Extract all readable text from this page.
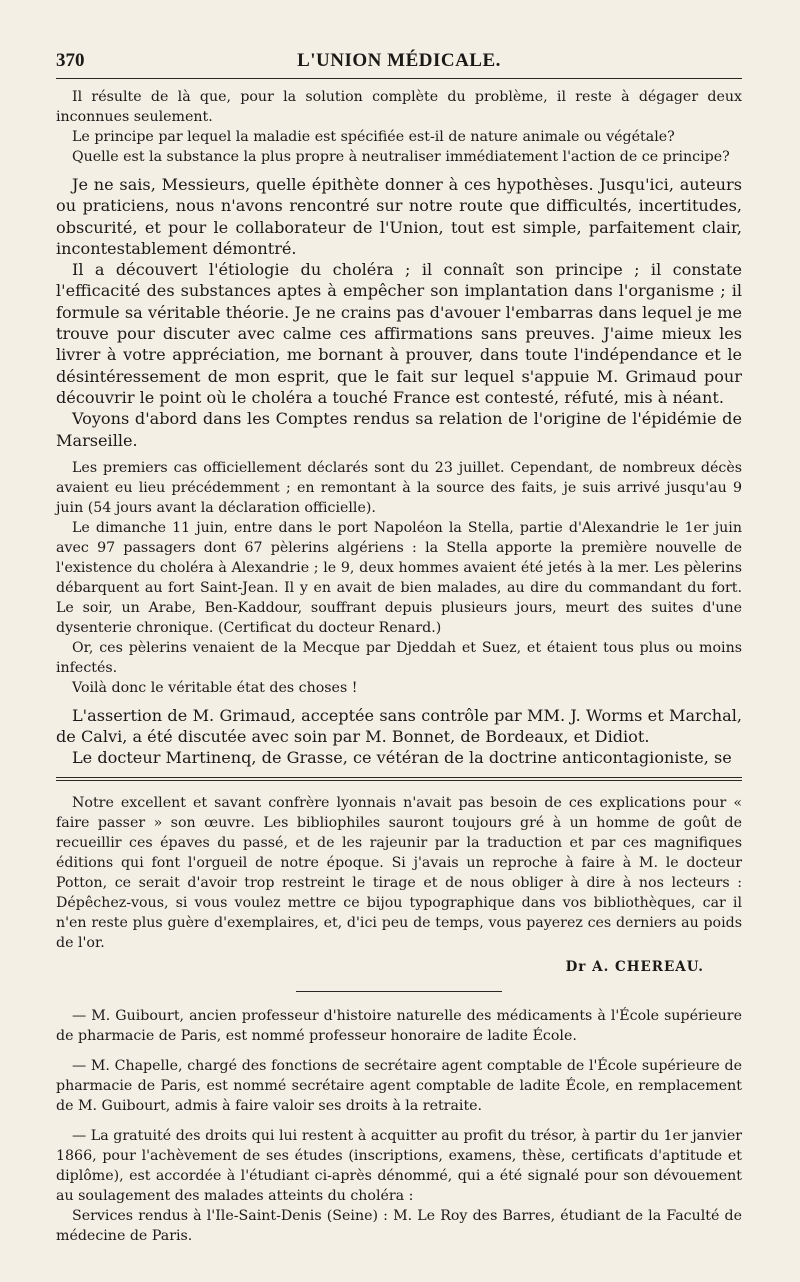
370	L'UNION MÉDICALE.

Il résulte de là que, pour la solution complète du problème, il reste à dégager deux inconnues seulement.

Le principe par lequel la maladie est spécifiée est-il de nature animale ou végétale?

Quelle est la substance la plus propre à neutraliser immédiatement l'action de ce principe?

Je ne sais, Messieurs, quelle épithète donner à ces hypothèses. Jusqu'ici, auteurs ou praticiens, nous n'avons rencontré sur notre route que difficultés, incertitudes, obscurité, et pour le collaborateur de l'Union, tout est simple, parfaitement clair, incontestablement démontré.

Il a découvert l'étiologie du choléra ; il connaît son principe ; il constate l'efficacité des substances aptes à empêcher son implantation dans l'organisme ; il formule sa véritable théorie. Je ne crains pas d'avouer l'embarras dans lequel je me trouve pour discuter avec calme ces affirmations sans preuves. J'aime mieux les livrer à votre appréciation, me bornant à prouver, dans toute l'indépendance et le désintéressement de mon esprit, que le fait sur lequel s'appuie M. Grimaud pour découvrir le point où le choléra a touché France est contesté, réfuté, mis à néant.

Voyons d'abord dans les Comptes rendus sa relation de l'origine de l'épidémie de Marseille.

Les premiers cas officiellement déclarés sont du 23 juillet. Cependant, de nombreux décès avaient eu lieu précédemment ; en remontant à la source des faits, je suis arrivé jusqu'au 9 juin (54 jours avant la déclaration officielle).

Le dimanche 11 juin, entre dans le port Napoléon la Stella, partie d'Alexandrie le 1er juin avec 97 passagers dont 67 pèlerins algériens : la Stella apporte la première nouvelle de l'existence du choléra à Alexandrie ; le 9, deux hommes avaient été jetés à la mer. Les pèlerins débarquent au fort Saint-Jean. Il y en avait de bien malades, au dire du commandant du fort. Le soir, un Arabe, Ben-Kaddour, souffrant depuis plusieurs jours, meurt des suites d'une dysenterie chronique. (Certificat du docteur Renard.)

Or, ces pèlerins venaient de la Mecque par Djeddah et Suez, et étaient tous plus ou moins infectés.

Voilà donc le véritable état des choses !

L'assertion de M. Grimaud, acceptée sans contrôle par MM. J. Worms et Marchal, de Calvi, a été discutée avec soin par M. Bonnet, de Bordeaux, et Didiot.

Le docteur Martinenq, de Grasse, ce vétéran de la doctrine anticontagioniste, se

Notre excellent et savant confrère lyonnais n'avait pas besoin de ces explications pour « faire passer » son œuvre. Les bibliophiles sauront toujours gré à un homme de goût de recueillir ces épaves du passé, et de les rajeunir par la traduction et par ces magnifiques éditions qui font l'orgueil de notre époque. Si j'avais un reproche à faire à M. le docteur Potton, ce serait d'avoir trop restreint le tirage et de nous obliger à dire à nos lecteurs : Dépêchez-vous, si vous voulez mettre ce bijou typographique dans vos bibliothèques, car il n'en reste plus guère d'exemplaires, et, d'ici peu de temps, vous payerez ces derniers au poids de l'or.

Dr A. CHEREAU.

— M. Guibourt, ancien professeur d'histoire naturelle des médicaments à l'École supérieure de pharmacie de Paris, est nommé professeur honoraire de ladite École.

— M. Chapelle, chargé des fonctions de secrétaire agent comptable de l'École supérieure de pharmacie de Paris, est nommé secrétaire agent comptable de ladite École, en remplacement de M. Guibourt, admis à faire valoir ses droits à la retraite.

— La gratuité des droits qui lui restent à acquitter au profit du trésor, à partir du 1er janvier 1866, pour l'achèvement de ses études (inscriptions, examens, thèse, certificats d'aptitude et diplôme), est accordée à l'étudiant ci-après dénommé, qui a été signalé pour son dévouement au soulagement des malades atteints du choléra :

Services rendus à l'Ile-Saint-Denis (Seine) : M. Le Roy des Barres, étudiant de la Faculté de médecine de Paris.
